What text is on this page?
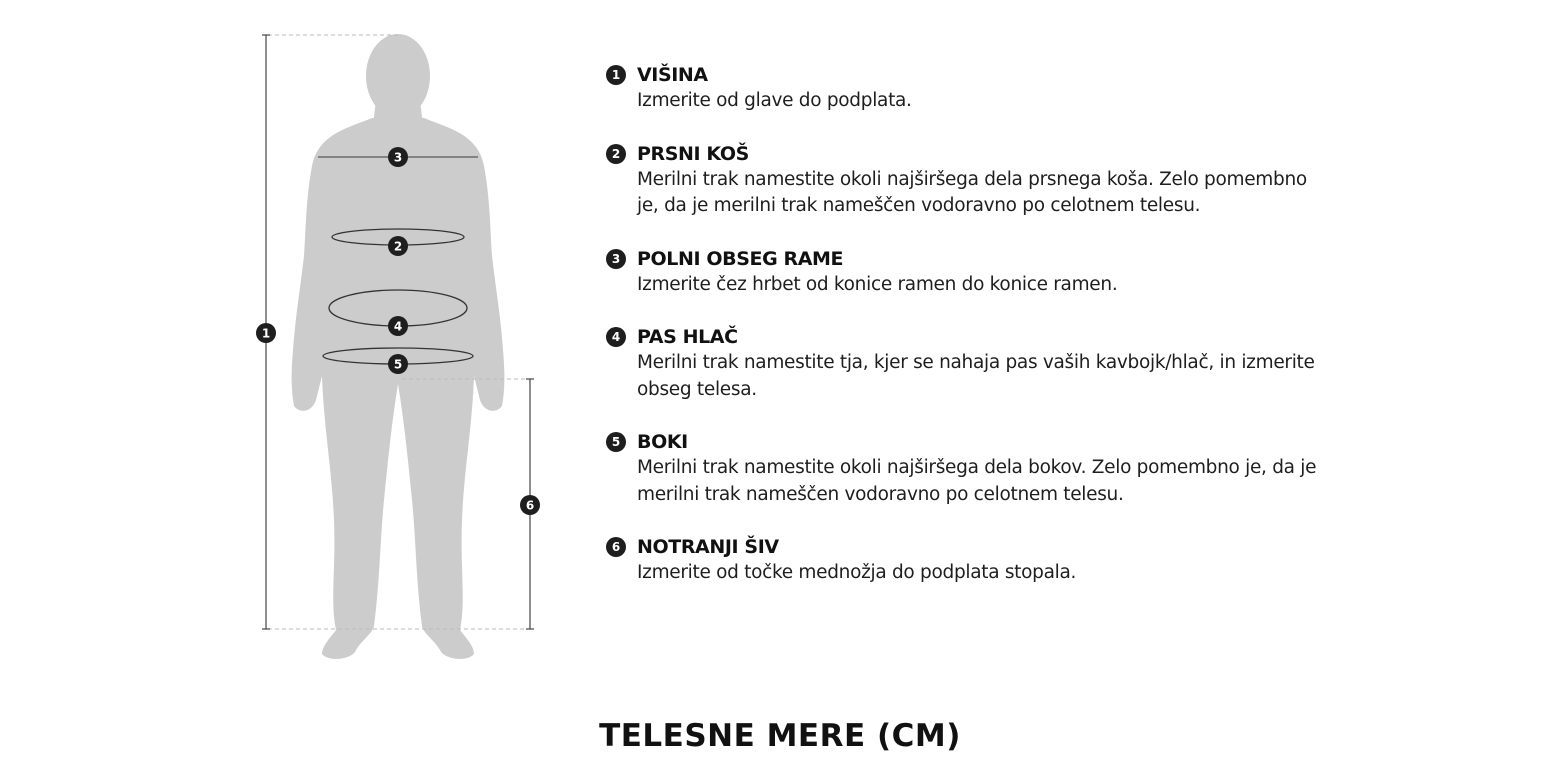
1
3
2
4
5
6
1 VIŠINA

Izmerite od glave do podplata.

2 PRSNI KOŠ

Merilni trak namestite okoli najširšega dela prsnega koša. Zelo pomembno je, da je merilni trak nameščen vodoravno po celotnem telesu.

3 POLNI OBSEG RAME

Izmerite čez hrbet od konice ramen do konice ramen.

4 PAS HLAČ

Merilni trak namestite tja, kjer se nahaja pas vaših kavbojk/hlač, in izmerite obseg telesa.

5 BOKI

Merilni trak namestite okoli najširšega dela bokov. Zelo pomembno je, da je merilni trak nameščen vodoravno po celotnem telesu.

6 NOTRANJI ŠIV

Izmerite od točke mednožja do podplata stopala.

TELESNE MERE (CM)
